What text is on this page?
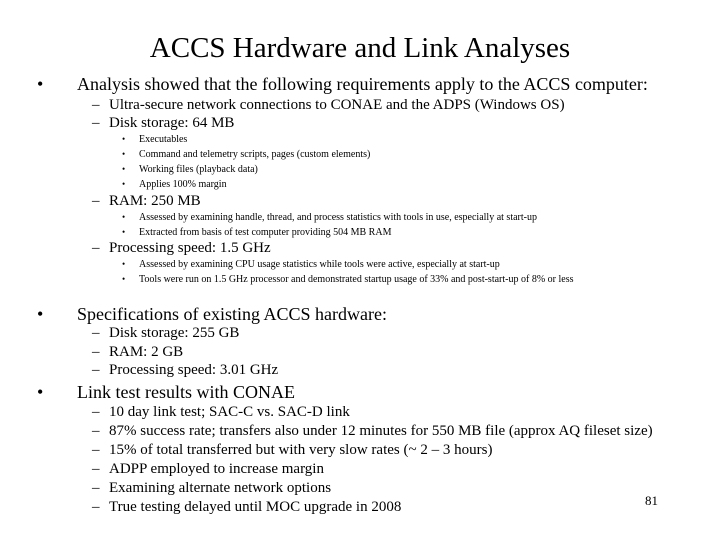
ACCS Hardware and Link Analyses
• Analysis showed that the following requirements apply to the ACCS computer:
– Ultra-secure network connections to CONAE and the ADPS (Windows OS)
– Disk storage: 64 MB
• Executables
• Command and telemetry scripts, pages (custom elements)
• Working files (playback data)
• Applies 100% margin
– RAM: 250 MB
• Assessed by examining handle, thread, and process statistics with tools in use, especially at start-up
• Extracted from basis of test computer providing 504 MB RAM
– Processing speed: 1.5 GHz
• Assessed by examining CPU usage statistics while tools were active, especially at start-up
• Tools were run on 1.5 GHz processor and demonstrated startup usage of 33% and post-start-up of 8% or less
• Specifications of existing ACCS hardware:
– Disk storage: 255 GB
– RAM: 2 GB
– Processing speed: 3.01 GHz
• Link test results with CONAE
– 10 day link test; SAC-C vs. SAC-D link
– 87% success rate; transfers also under 12 minutes for 550 MB file (approx AQ fileset size)
– 15% of total transferred but with very slow rates (~ 2 – 3 hours)
– ADPP employed to increase margin
– Examining alternate network options
– True testing delayed until MOC upgrade in 2008	81
